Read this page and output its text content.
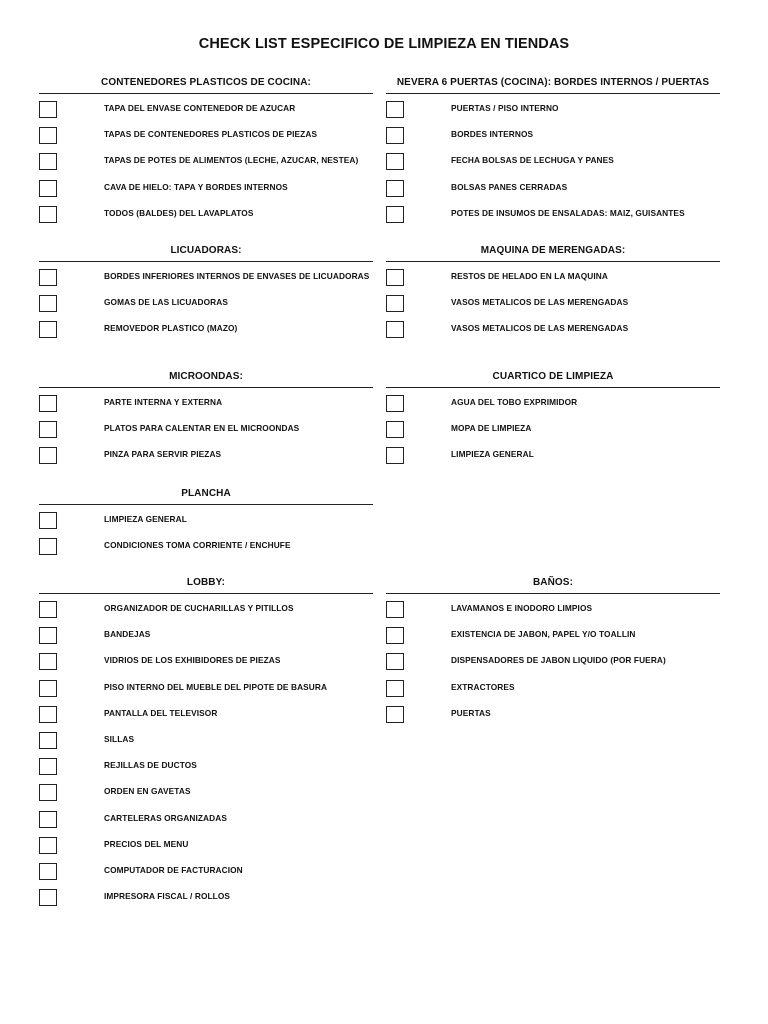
CHECK LIST ESPECIFICO DE LIMPIEZA EN TIENDAS
CONTENEDORES PLASTICOS DE COCINA:
TAPA DEL ENVASE CONTENEDOR DE AZUCAR
TAPAS DE CONTENEDORES PLASTICOS DE PIEZAS
TAPAS DE POTES DE ALIMENTOS (LECHE, AZUCAR, NESTEA)
CAVA DE HIELO: TAPA Y BORDES INTERNOS
TODOS (BALDES) DEL LAVAPLATOS
NEVERA 6 PUERTAS (COCINA): BORDES INTERNOS / PUERTAS
PUERTAS / PISO INTERNO
BORDES INTERNOS
FECHA BOLSAS DE LECHUGA Y PANES
BOLSAS PANES CERRADAS
POTES DE INSUMOS DE ENSALADAS: MAIZ, GUISANTES
LICUADORAS:
BORDES INFERIORES INTERNOS DE ENVASES DE LICUADORAS
GOMAS DE LAS LICUADORAS
REMOVEDOR PLASTICO (MAZO)
MAQUINA DE MERENGADAS:
RESTOS DE HELADO EN LA MAQUINA
VASOS METALICOS DE LAS MERENGADAS
VASOS METALICOS DE LAS MERENGADAS
MICROONDAS:
PARTE INTERNA Y EXTERNA
PLATOS PARA CALENTAR EN EL MICROONDAS
PINZA PARA SERVIR PIEZAS
CUARTICO DE LIMPIEZA
AGUA DEL TOBO EXPRIMIDOR
MOPA DE LIMPIEZA
LIMPIEZA GENERAL
PLANCHA
LIMPIEZA GENERAL
CONDICIONES TOMA CORRIENTE / ENCHUFE
LOBBY:
ORGANIZADOR DE CUCHARILLAS Y PITILLOS
BANDEJAS
VIDRIOS DE LOS EXHIBIDORES DE PIEZAS
PISO INTERNO DEL MUEBLE DEL PIPOTE DE BASURA
PANTALLA DEL TELEVISOR
SILLAS
REJILLAS DE DUCTOS
ORDEN EN GAVETAS
CARTELERAS ORGANIZADAS
PRECIOS DEL MENU
COMPUTADOR DE FACTURACION
IMPRESORA FISCAL / ROLLOS
BAÑOS:
LAVAMANOS E INODORO LIMPIOS
EXISTENCIA DE JABON, PAPEL Y/O TOALLIN
DISPENSADORES DE JABON LIQUIDO (POR FUERA)
EXTRACTORES
PUERTAS
